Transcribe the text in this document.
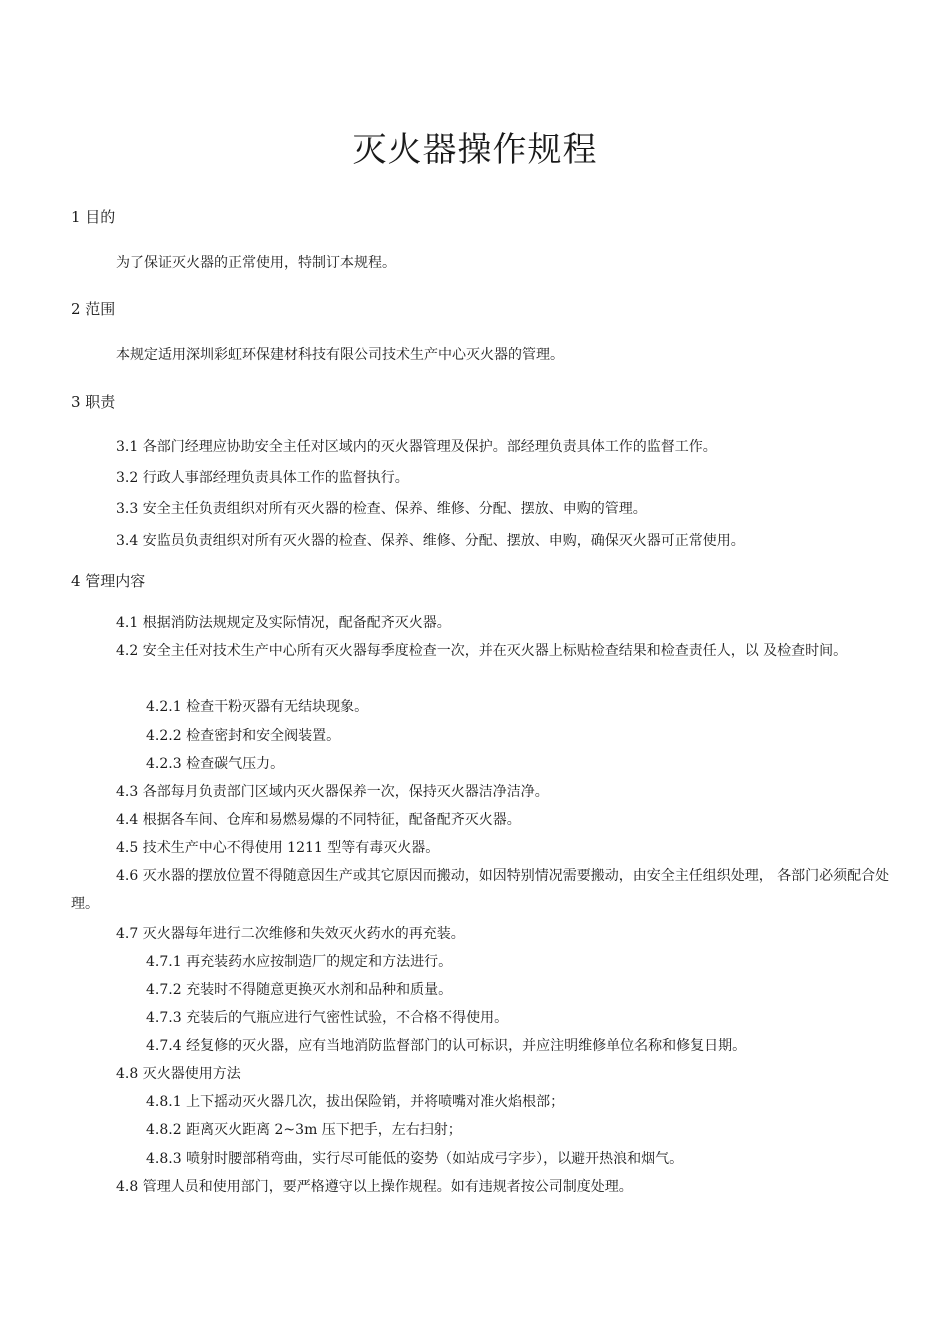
灭火器操作规程

1 目的

为了保证灭火器的正常使用，特制订本规程。

2 范围

本规定适用深圳彩虹环保建材科技有限公司技术生产中心灭火器的管理。

3 职责

3.1 各部门经理应协助安全主任对区域内的灭火器管理及保护。部经理负责具体工作的监督工作。

3.2 行政人事部经理负责具体工作的监督执行。

3.3 安全主任负责组织对所有灭火器的检查、保养、维修、分配、摆放、申购的管理。

3.4 安监员负责组织对所有灭火器的检查、保养、维修、分配、摆放、申购，确保灭火器可正常使用。

4 管理内容

4.1 根据消防法规规定及实际情况，配备配齐灭火器。

4.2 安全主任对技术生产中心所有灭火器每季度检查一次，并在灭火器上标贴检查结果和检查责任人，以 及检查时间。

4.2.1 检查干粉灭器有无结块现象。

4.2.2 检查密封和安全阀装置。

4.2.3 检查碳气压力。

4.3 各部每月负责部门区域内灭火器保养一次，保持灭火器洁净洁净。

4.4 根据各车间、仓库和易燃易爆的不同特征，配备配齐灭火器。

4.5 技术生产中心不得使用 1211 型等有毒灭火器。

4.6 灭水器的摆放位置不得随意因生产或其它原因而搬动，如因特别情况需要搬动，由安全主任组织处理， 各部门必须配合处理。

4.7 灭火器每年进行二次维修和失效灭火药水的再充装。

4.7.1 再充装药水应按制造厂的规定和方法进行。

4.7.2 充装时不得随意更换灭水剂和品种和质量。

4.7.3 充装后的气瓶应进行气密性试验，不合格不得使用。

4.7.4 经复修的灭火器，应有当地消防监督部门的认可标识，并应注明维修单位名称和修复日期。

4.8 灭火器使用方法

4.8.1 上下摇动灭火器几次，拔出保险销，并将喷嘴对准火焰根部；

4.8.2 距离灭火距离 2~3m 压下把手，左右扫射；

4.8.3 喷射时腰部稍弯曲，实行尽可能低的姿势（如站成弓字步），以避开热浪和烟气。

4.8 管理人员和使用部门，要严格遵守以上操作规程。如有违规者按公司制度处理。
